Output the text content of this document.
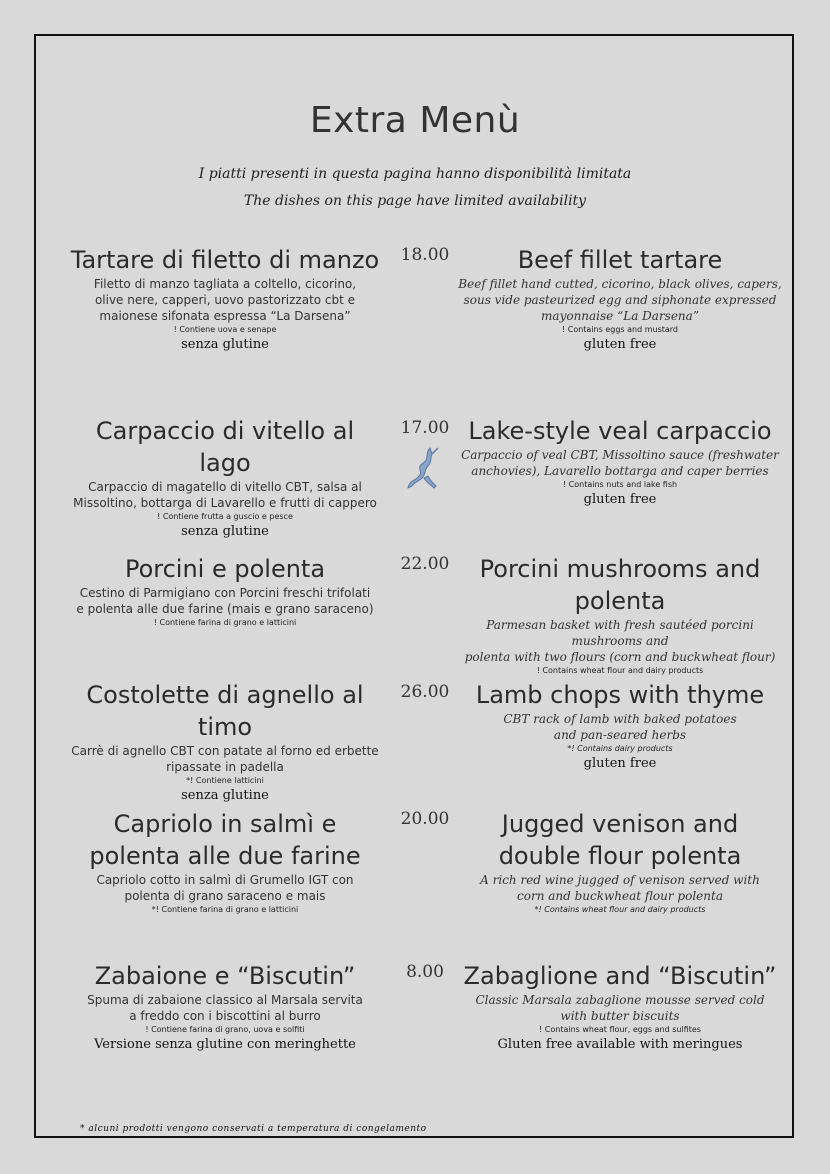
Extra Menù
I piatti presenti in questa pagina hanno disponibilità limitata
The dishes on this page have limited availability
Tartare di filetto di manzo
Filetto di manzo tagliata a coltello, cicorino,
olive nere, capperi, uovo pastorizzato cbt e
maionese sifonata espressa “La Darsena”
! Contiene uova e senape
senza glutine
Beef fillet tartare
Beef fillet hand cutted, cicorino, black olives, capers,
sous vide pasteurized egg and siphonate expressed
mayonnaise “La Darsena”
! Contains eggs and mustard
gluten free
18.00
Carpaccio di vitello al lago
Carpaccio di magatello di vitello CBT, salsa al
Missoltino, bottarga di Lavarello e frutti di cappero
! Contiene frutta a guscio e pesce
senza glutine
Lake-style veal carpaccio
Carpaccio of veal CBT, Missoltino sauce (freshwater
anchovies), Lavarello bottarga and caper berries
! Contains nuts and lake fish
gluten free
17.00
Porcini e polenta
Cestino di Parmigiano con Porcini freschi trifolati
e polenta alle due farine (mais e grano saraceno)
! Contiene farina di grano e latticini
Porcini mushrooms and polenta
Parmesan basket with fresh sautéed porcini mushrooms and
polenta with two flours (corn and buckwheat flour)
! Contains wheat flour and dairy products
22.00
Costolette di agnello al timo
Carrè di agnello CBT con patate al forno ed erbette
ripassate in padella
*! Contiene latticini
senza glutine
Lamb chops with thyme
CBT rack of lamb with baked potatoes
and pan-seared herbs
*! Contains dairy products
gluten free
26.00
Capriolo in salmì e
polenta alle due farine
Capriolo cotto in salmì di Grumello IGT con
polenta di grano saraceno e mais
*! Contiene farina di grano e latticini
Jugged venison and
double flour polenta
A rich red wine jugged of venison served with
corn and buckwheat flour polenta
*! Contains wheat flour and dairy products
20.00
Zabaione e “Biscutin”
Spuma di zabaione classico al Marsala servita
a freddo con i biscottini al burro
! Contiene farina di grano, uova e solfiti
Versione senza glutine con meringhette
Zabaglione and “Biscutin”
Classic Marsala zabaglione mousse served cold
with butter biscuits
! Contains wheat flour, eggs and sulfites
Gluten free available with meringues
8.00
* alcuni prodotti vengono conservati a temperatura di congelamento
